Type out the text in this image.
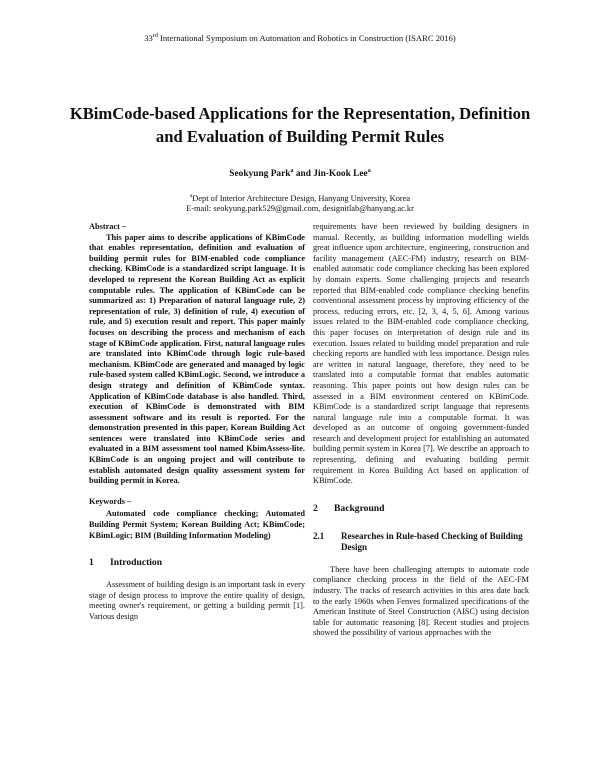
33rd International Symposium on Automation and Robotics in Construction (ISARC 2016)
KBimCode-based Applications for the Representation, Definition and Evaluation of Building Permit Rules
Seokyung Park$^a$ and Jin-Kook Lee$^a$
$^a$Dept of Interior Architecture Design, Hanyang University, Korea
E-mail: seokyung.park529@gmail.com, designitlab@hanyang.ac.kr

Abstract –

This paper aims to describe applications of KBimCode that enables representation, definition and evaluation of building permit rules for BIM-enabled code compliance checking. KBimCode is a standardized script language. It is developed to represent the Korean Building Act as explicit computable rules. The application of KBimCode can be summarized as: 1) Preparation of natural language rule, 2) representation of rule, 3) definition of rule, 4) execution of rule, and 5) execution result and report. This paper mainly focuses on describing the process and mechanism of each stage of KBimCode application. First, natural language rules are translated into KBimCode through logic rule-based mechanism. KBimCode are generated and managed by logic rule-based system called KBimLogic. Second, we introduce a design strategy and definition of KBimCode syntax. Application of KBimCode database is also handled. Third, execution of KBimCode is demonstrated with BIM assessment software and its result is reported. For the demonstration presented in this paper, Korean Building Act sentences were translated into KBimCode series and evaluated in a BIM assessment tool named KbimAssess-lite. KBimCode is an ongoing project and will contribute to establish automated design quality assessment system for building permit in Korea.

Keywords –

Automated code compliance checking; Automated Building Permit System; Korean Building Act; KBimCode; KBimLogic; BIM (Building Information Modeling)

1	Introduction

Assessment of building design is an important task in every stage of design process to improve the entire quality of design, meeting owner's requirement, or getting a building permit [1]. Various design

requirements have been reviewed by building designers in manual. Recently, as building information modelling wields great influence upon architecture, engineering, construction and facility management (AEC-FM) industry, research on BIM-enabled automatic code compliance checking has been explored by domain experts. Some challenging projects and research reported that BIM-enabled code compliance checking benefits conventional assessment process by improving efficiency of the process, reducing errors, etc. [2, 3, 4, 5, 6]. Among various issues related to the BIM-enabled code compliance checking, this paper focuses on interpretation of design rule and its execution. Issues related to building model preparation and rule checking reports are handled with less importance. Design rules are written in natural language, therefore, they need to be translated into a computable format that enables automatic reasoning. This paper points out how design rules can be assessed in a BIM environment centered on KBimCode. KBimCode is a standardized script language that represents natural language rule into a computable format. It was developed as an outcome of ongoing government-funded research and development project for establishing an automated building permit system in Korea [7]. We describe an approach to representing, defining and evaluating building permit requirement in Korea Building Act based on application of KBimCode.

2	Background
2.1	Researches in Rule-based Checking of Building Design

There have been challenging attempts to automate code compliance checking process in the field of the AEC-FM industry. The tracks of research activities in this area date back to the early 1960s when Fenves formalized specifications of the American Institute of Steel Construction (AISC) using decision table for automatic reasoning [8]. Recent studies and projects showed the possibility of various approaches with the
